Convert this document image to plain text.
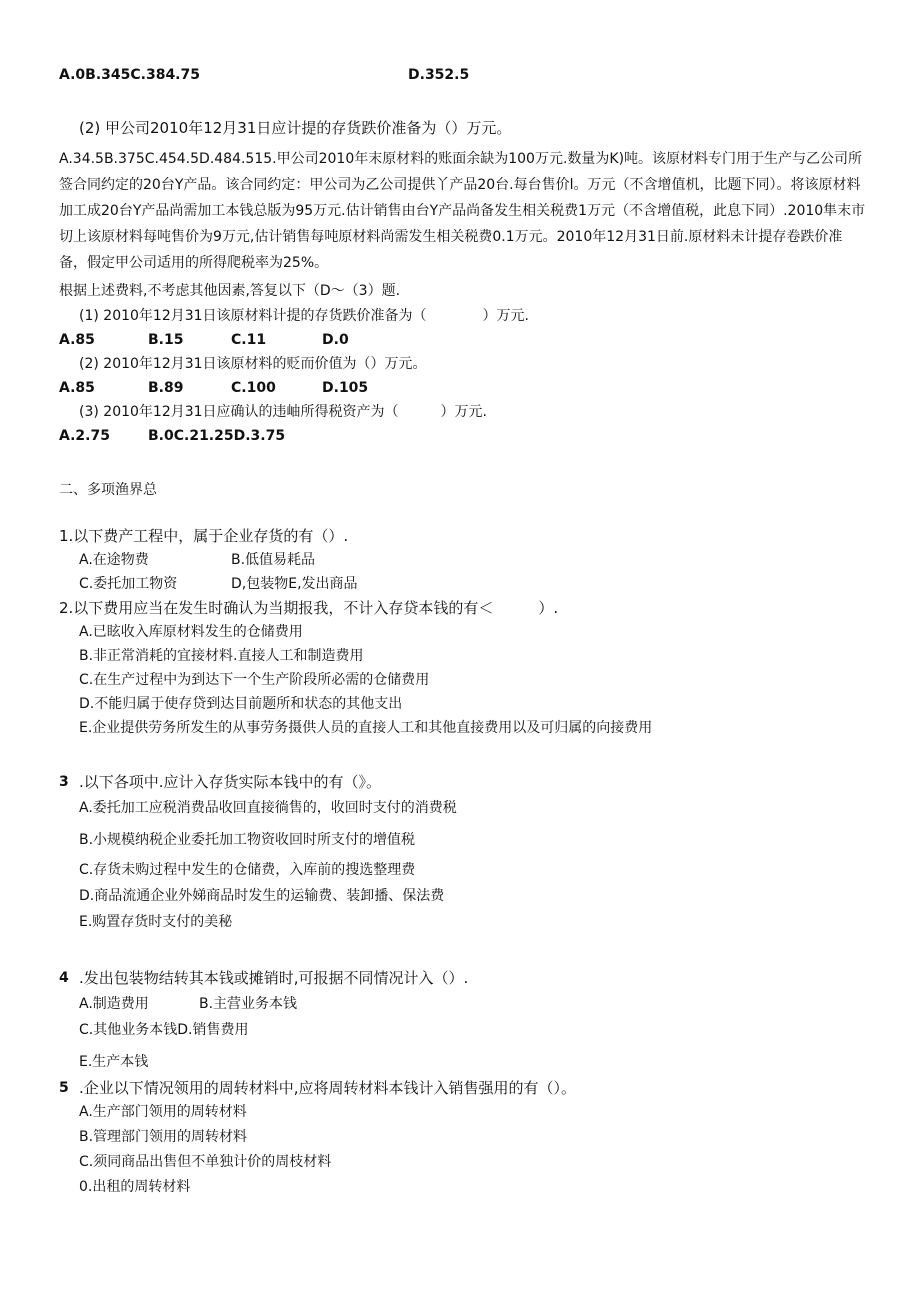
A.0B.345C.384.75	D.352.5
(2) 甲公司2010年12月31日应计提的存货跌价准备为（）万元。
A.34.5B.375C.454.5D.484.515.甲公司2010年末原材料的账面余缺为100万元.数量为K)吨。该原材料专门用于生产与乙公司所签合同约定的20台Y产品。该合同约定：甲公司为乙公司提供丫产品20台.每台售价l。万元（不含增值机，比题下同）。将该原材料加工成20台Y产品尚需加工本钱总版为95万元.估计销售由台Y产品尚备发生相关税费1万元（不含增值税，此息下同）.2010隼末市切上该原材料每吨售价为9万元,估计销售每吨原材料尚需发生相关税费0.1万元。2010年12月31日前.原材料未计提存卷跌价准备，假定甲公司适用的所得爬税率为25%。
根据上述费料,不考虑其他因素,答复以下（D〜（3）题.
(1) 2010年12月31日该原材料计提的存货跌价准备为（　　　　）万元.
A.85	B.15	C.11	D.0
(2) 2010年12月31日该原材料的贬而价值为（）万元。
A.85	B.89	C.100	D.105
(3) 2010年12月31日应确认的违岫所得税资产为（　　　）万元.
A.2.75	B.0C.21.25D.3.75
二、多项渔界总
1.以下费产工程中，属于企业存货的有（）.
A.在途物费	B.低值易耗品
C.委托加工物资	D,包装物E,发出商品
2.以下费用应当在发生时确认为当期报我，不计入存贷本钱的有＜　　　）.
A.已眩收入库原材料发生的仓储费用
B.非正常消耗的宜接材料.直接人工和制造费用
C.在生产过程中为到达下一个生产阶段所必需的仓储费用
D.不能归属于使存贷到达目前题所和状态的其他支出
E.企业提供劳务所发生的从事劳务摄供人员的直接人工和其他直接费用以及可归属的向接费用
3 .以下各项中.应计入存货实际本钱中的有（》。
A.委托加工应税消费品收回直接徜售的，收回时支付的消费税
B.小规模纳税企业委托加工物资收回时所支付的增值税
C.存货未购过程中发生的仓储费，入库前的搜选整理费
D.商品流通企业外娣商品时发生的运输费、装卸播、保法费
E.购置存货时支付的美秘
4 .发出包装物结转其本钱或摊销时,可报据不同情况计入（）.
A.制造费用	B.主营业务本钱
C.其他业务本钱D.销售费用
E.生产本钱
5 .企业以下情况领用的周转材料中,应将周转材料本钱计入销售强用的有（）。
A.生产部门领用的周转材料
B.管理部门领用的周转材料
C.须同商品出售但不单独计价的周枝材料
0.出租的周转材料
